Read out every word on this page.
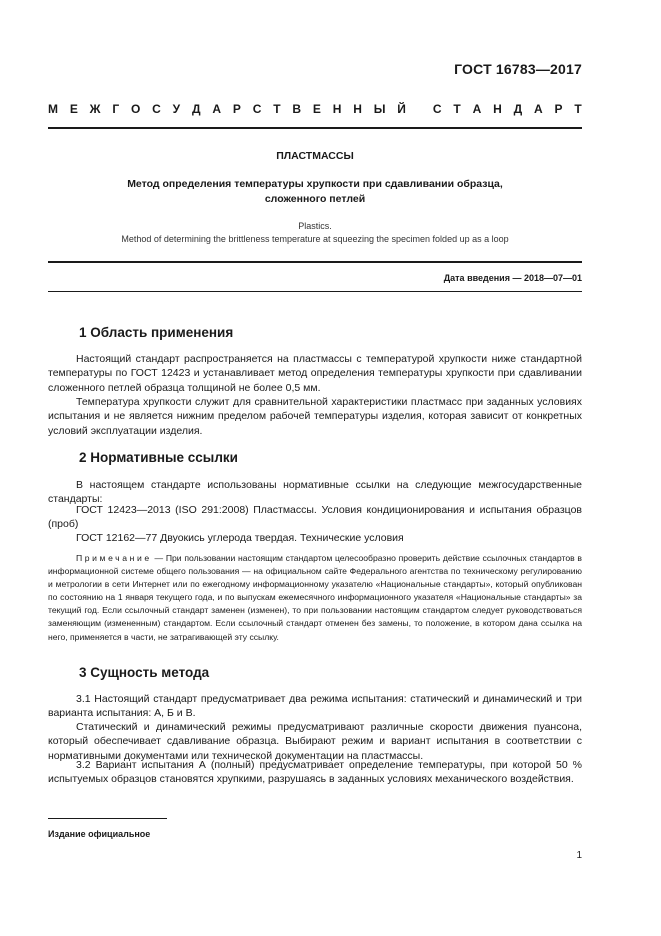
ГОСТ 16783—2017
М Е Ж Г О С У Д А Р С Т В Е Н Н Ы Й
С Т А Н Д А Р Т
ПЛАСТМАССЫ
Метод определения температуры хрупкости при сдавливании образца,
сложенного петлей
Plastics.
Method of determining the brittleness temperature at squeezing the specimen folded up as a loop
Дата введения — 2018—07—01
1 Область применения

Настоящий стандарт распространяется на пластмассы с температурой хрупкости ниже стандартной температуры по ГОСТ 12423 и устанавливает метод определения температуры хрупкости при сдавливании сложенного петлей образца толщиной не более 0,5 мм.

Температура хрупкости служит для сравнительной характеристики пластмасс при заданных условиях испытания и не является нижним пределом рабочей температуры изделия, которая зависит от конкретных условий эксплуатации изделия.

2 Нормативные ссылки

В настоящем стандарте использованы нормативные ссылки на следующие межгосударственные стандарты:

ГОСТ 12423—2013 (ISO 291:2008) Пластмассы. Условия кондиционирования и испытания образцов (проб)

ГОСТ 12162—77 Двуокись углерода твердая. Технические условия

Примечание — При пользовании настоящим стандартом целесообразно проверить действие ссылочных стандартов в информационной системе общего пользования — на официальном сайте Федерального агентства по техническому регулированию и метрологии в сети Интернет или по ежегодному информационному указателю «Национальные стандарты», который опубликован по состоянию на 1 января текущего года, и по выпускам ежемесячного информационного указателя «Национальные стандарты» за текущий год. Если ссылочный стандарт заменен (изменен), то при пользовании настоящим стандартом следует руководствоваться заменяющим (измененным) стандартом. Если ссылочный стандарт отменен без замены, то положение, в котором дана ссылка на него, применяется в части, не затрагивающей эту ссылку.

3 Сущность метода

3.1 Настоящий стандарт предусматривает два режима испытания: статический и динамический и три варианта испытания: А, Б и В.

Статический и динамический режимы предусматривают различные скорости движения пуансона, который обеспечивает сдавливание образца. Выбирают режим и вариант испытания в соответствии с нормативными документами или технической документации на пластмассы.

3.2 Вариант испытания А (полный) предусматривает определение температуры, при которой 50 % испытуемых образцов становятся хрупкими, разрушаясь в заданных условиях механического воздействия.

Издание официальное
1
